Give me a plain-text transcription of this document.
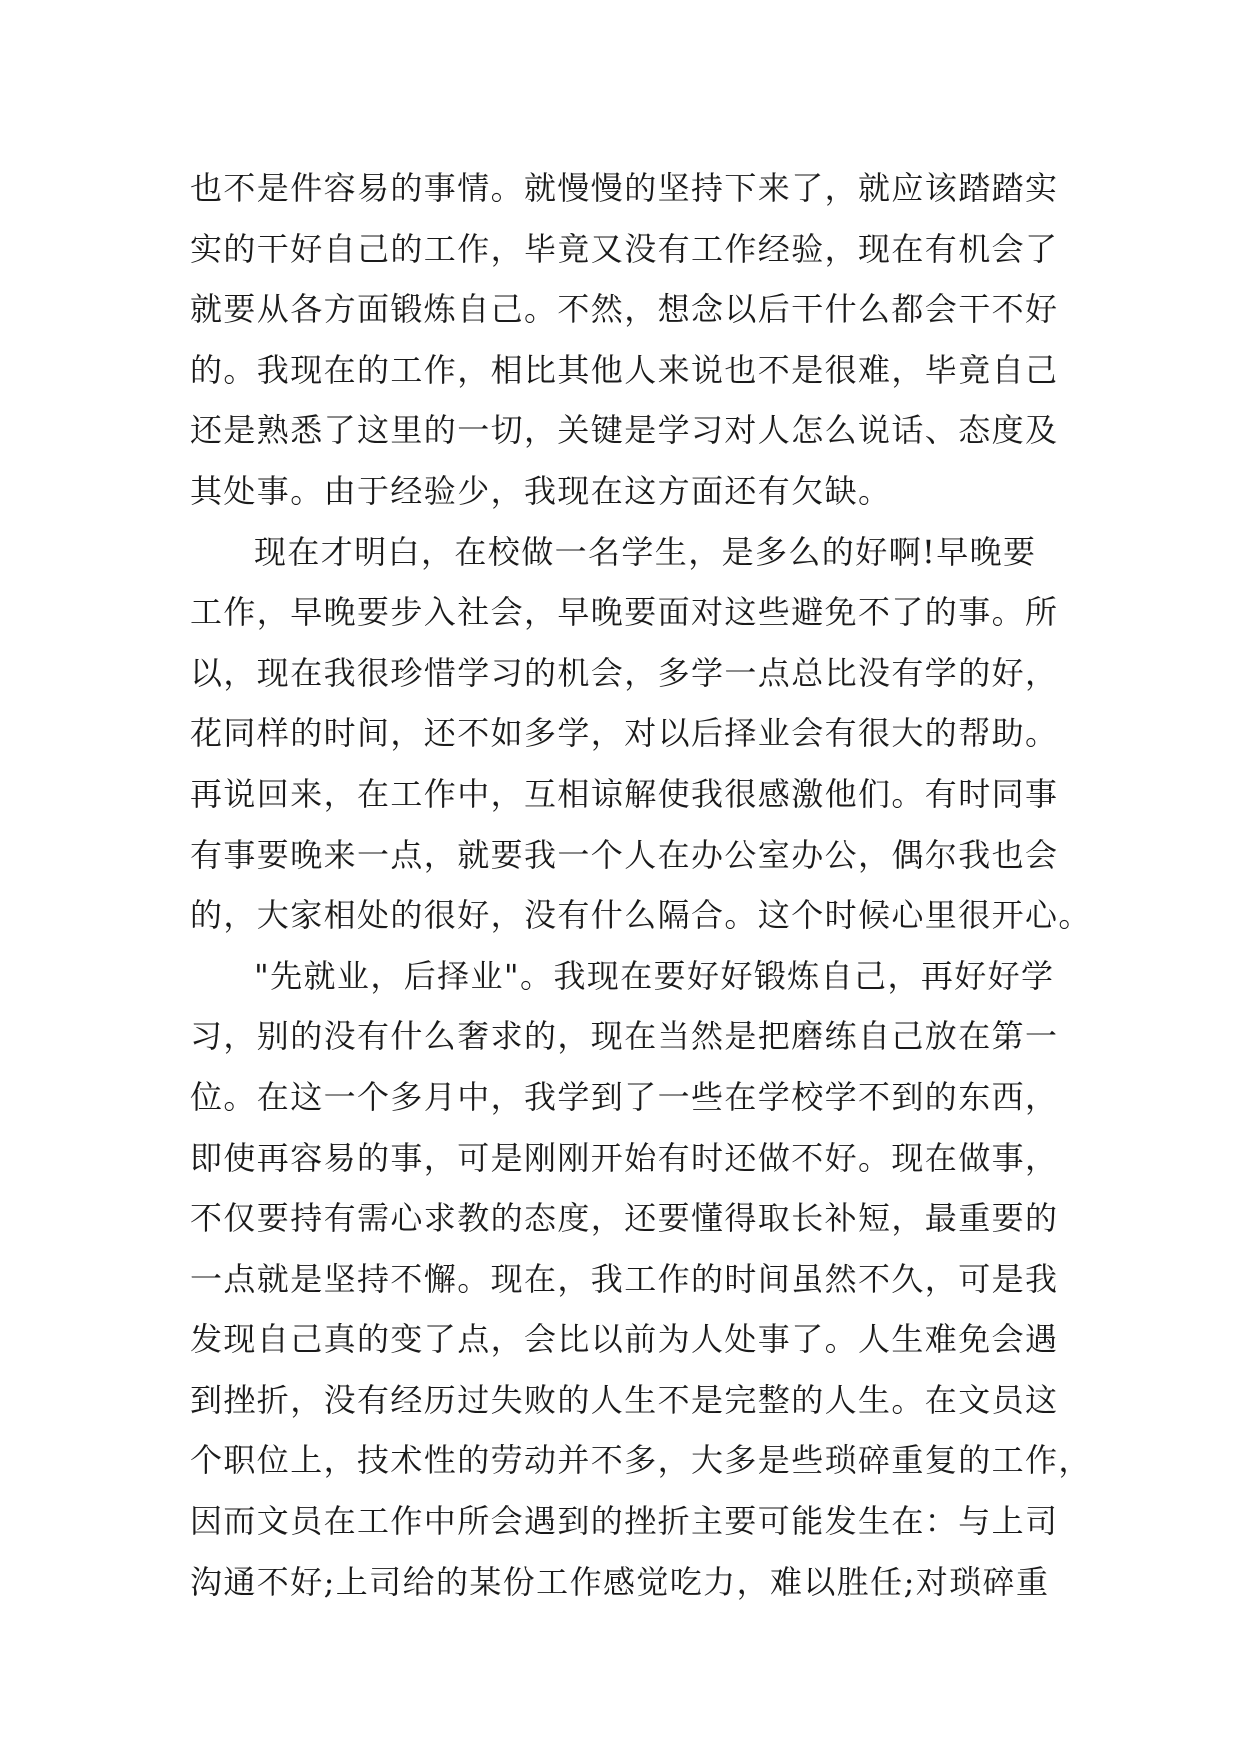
也不是件容易的事情。就慢慢的坚持下来了，就应该踏踏实
实的干好自己的工作，毕竟又没有工作经验，现在有机会了
就要从各方面锻炼自己。不然，想念以后干什么都会干不好
的。我现在的工作，相比其他人来说也不是很难，毕竟自己
还是熟悉了这里的一切，关键是学习对人怎么说话、态度及
其处事。由于经验少，我现在这方面还有欠缺。
现在才明白，在校做一名学生，是多么的好啊!早晚要
工作，早晚要步入社会，早晚要面对这些避免不了的事。所
以，现在我很珍惜学习的机会，多学一点总比没有学的好，
花同样的时间，还不如多学，对以后择业会有很大的帮助。
再说回来，在工作中，互相谅解使我很感激他们。有时同事
有事要晚来一点，就要我一个人在办公室办公，偶尔我也会
的，大家相处的很好，没有什么隔合。这个时候心里很开心。
"先就业，后择业"。我现在要好好锻炼自己，再好好学
习，别的没有什么奢求的，现在当然是把磨练自己放在第一
位。在这一个多月中，我学到了一些在学校学不到的东西，
即使再容易的事，可是刚刚开始有时还做不好。现在做事，
不仅要持有需心求教的态度，还要懂得取长补短，最重要的
一点就是坚持不懈。现在，我工作的时间虽然不久，可是我
发现自己真的变了点，会比以前为人处事了。人生难免会遇
到挫折，没有经历过失败的人生不是完整的人生。在文员这
个职位上，技术性的劳动并不多，大多是些琐碎重复的工作，
因而文员在工作中所会遇到的挫折主要可能发生在：与上司
沟通不好;上司给的某份工作感觉吃力，难以胜任;对琐碎重
